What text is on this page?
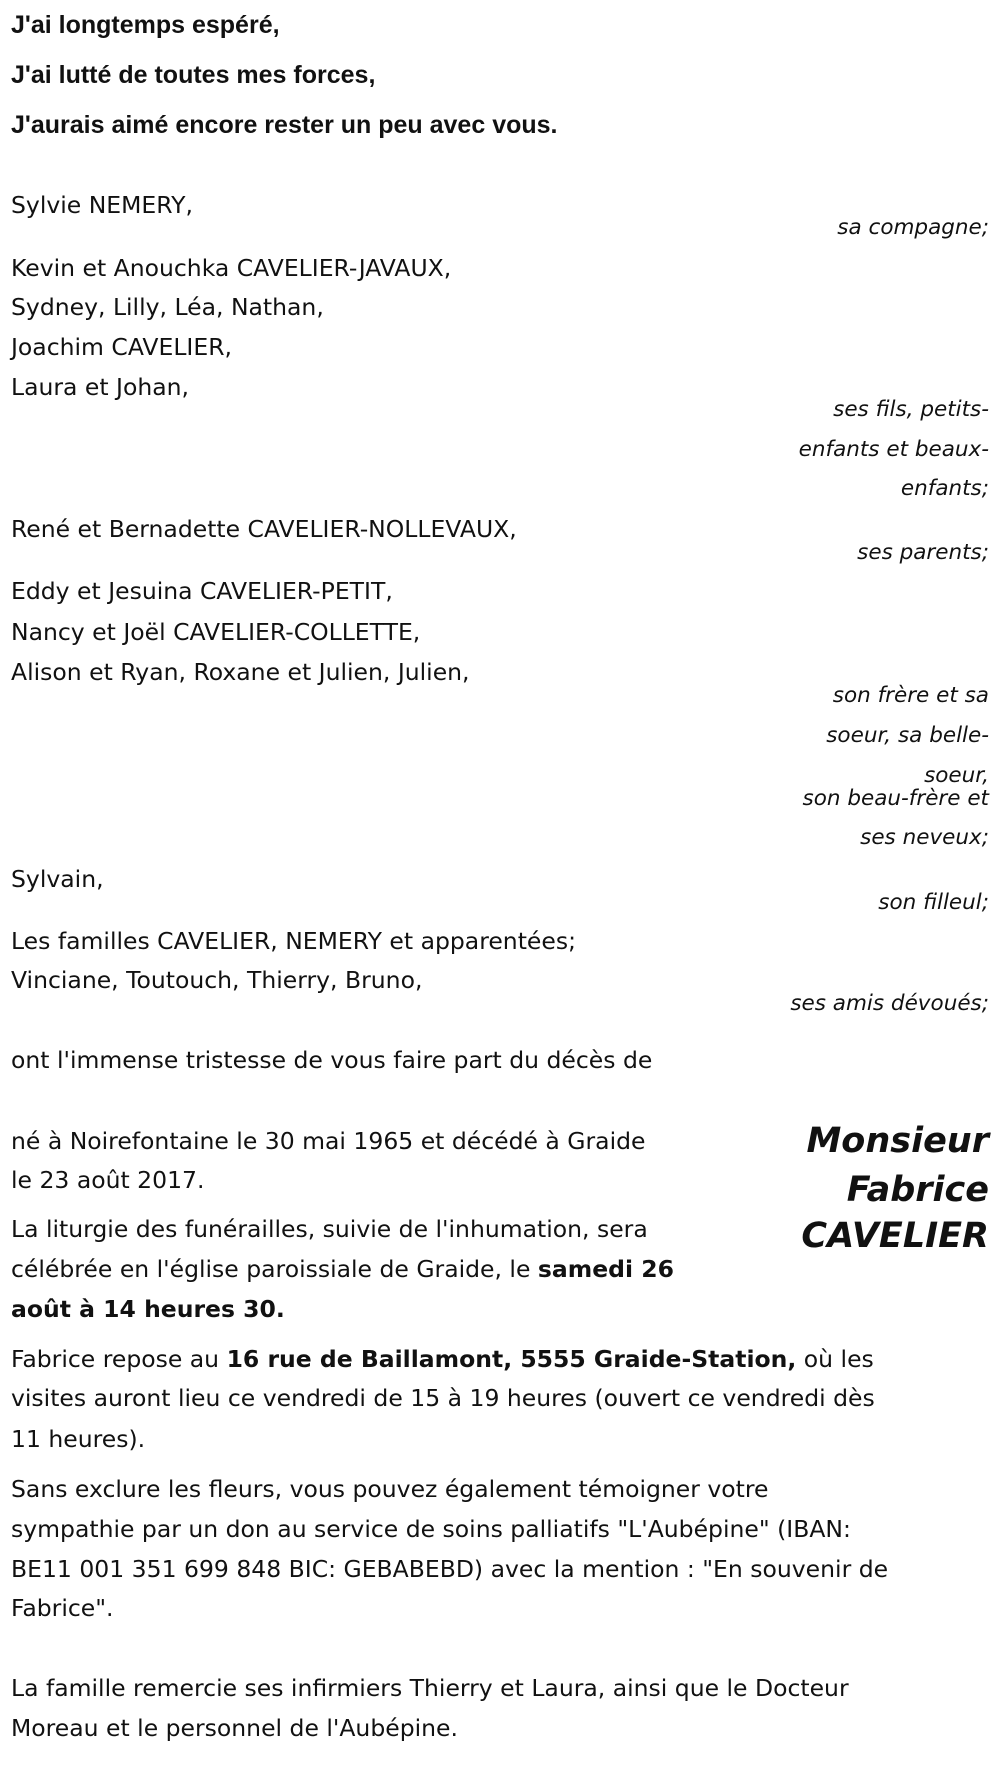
J'ai longtemps espéré,
J'ai lutté de toutes mes forces,
J'aurais aimé encore rester un peu avec vous.
Sylvie NEMERY,
sa compagne;
Kevin et Anouchka CAVELIER-JAVAUX,
Sydney, Lilly, Léa, Nathan,
Joachim CAVELIER,
Laura et Johan,
ses fils, petits-
enfants et beaux-
enfants;
René et Bernadette CAVELIER-NOLLEVAUX,
ses parents;
Eddy et Jesuina CAVELIER-PETIT,
Nancy et Joël CAVELIER-COLLETTE,
Alison et Ryan, Roxane et Julien, Julien,
son frère et sa
soeur, sa belle-
soeur,
son beau-frère et
ses neveux;
Sylvain,
son filleul;
Les familles CAVELIER, NEMERY et apparentées;
Vinciane, Toutouch, Thierry, Bruno,
ses amis dévoués;
ont l'immense tristesse de vous faire part du décès de
Monsieur
Fabrice
CAVELIER
né à Noirefontaine le 30 mai 1965 et décédé à Graide
le 23 août 2017.
La liturgie des funérailles, suivie de l'inhumation, sera
célébrée en l'église paroissiale de Graide, le samedi 26
août à 14 heures 30.
Fabrice repose au 16 rue de Baillamont, 5555 Graide-Station, où les
visites auront lieu ce vendredi de 15 à 19 heures (ouvert ce vendredi dès
11 heures).
Sans exclure les fleurs, vous pouvez également témoigner votre
sympathie par un don au service de soins palliatifs "L'Aubépine" (IBAN:
BE11 001 351 699 848 BIC: GEBABEBD) avec la mention : "En souvenir de
Fabrice".
La famille remercie ses infirmiers Thierry et Laura, ainsi que le Docteur
Moreau et le personnel de l'Aubépine.
